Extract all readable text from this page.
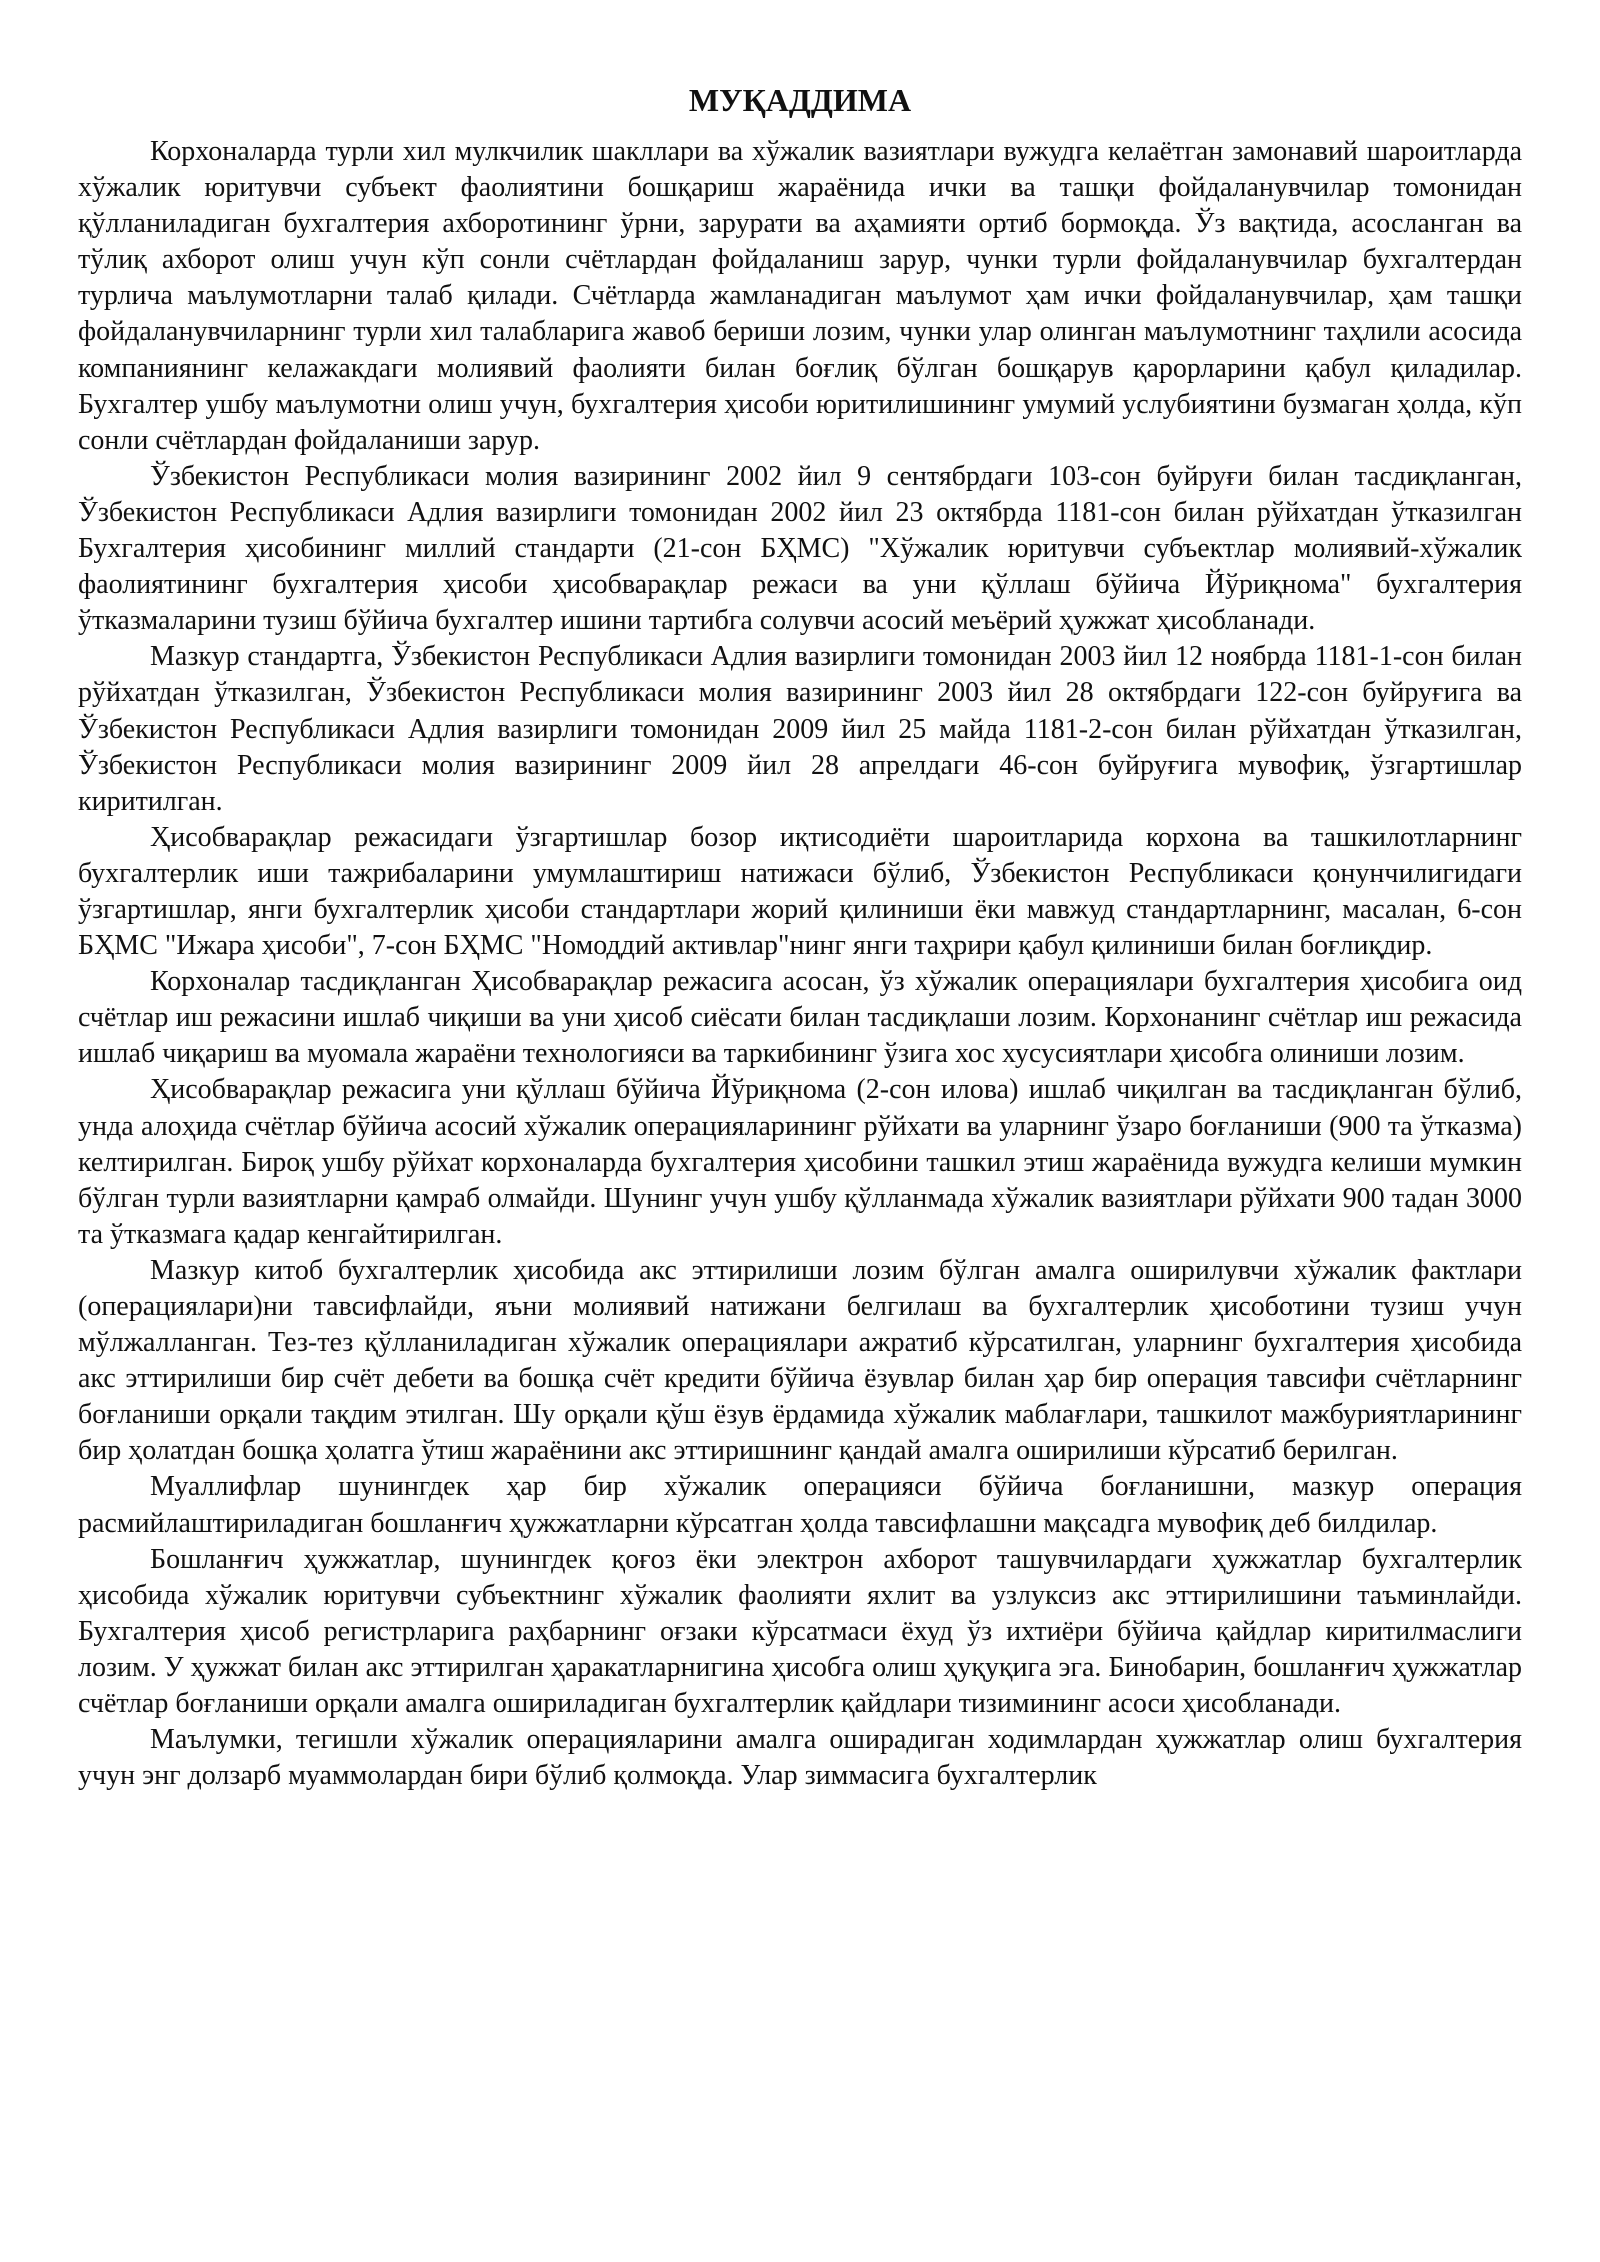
МУҚАДДИМА

Корхоналарда турли хил мулкчилик шакллари ва хўжалик вазиятлари вужудга келаётган замонавий шароитларда хўжалик юритувчи субъект фаолиятини бошқариш жараёнида ички ва ташқи фойдаланувчилар томонидан қўлланиладиган бухгалтерия ахборотининг ўрни, зарурати ва аҳамияти ортиб бормоқда. Ўз вақтида, асосланган ва тўлиқ ахборот олиш учун кўп сонли счётлардан фойдаланиш зарур, чунки турли фойдаланувчилар бухгалтердан турлича маълумотларни талаб қилади. Счётларда жамланадиган маълумот ҳам ички фойдаланувчилар, ҳам ташқи фойдаланувчиларнинг турли хил талабларига жавоб бериши лозим, чунки улар олинган маълумотнинг таҳлили асосида компаниянинг келажакдаги молиявий фаолияти билан боғлиқ бўлган бошқарув қарорларини қабул қиладилар. Бухгалтер ушбу маълумотни олиш учун, бухгалтерия ҳисоби юритилишининг умумий услубиятини бузмаган ҳолда, кўп сонли счётлардан фойдаланиши зарур.

Ўзбекистон Республикаси молия вазирининг 2002 йил 9 сентябрдаги 103-сон буйруғи билан тасдиқланган, Ўзбекистон Республикаси Адлия вазирлиги томонидан 2002 йил 23 октябрда 1181-сон билан рўйхатдан ўтказилган Бухгалтерия ҳисобининг миллий стандарти (21-сон БҲМС) "Хўжалик юритувчи субъектлар молиявий-хўжалик фаолиятининг бухгалтерия ҳисоби ҳисобварақлар режаси ва уни қўллаш бўйича Йўриқнома" бухгалтерия ўтказмаларини тузиш бўйича бухгалтер ишини тартибга солувчи асосий меъёрий ҳужжат ҳисобланади.

Мазкур стандартга, Ўзбекистон Республикаси Адлия вазирлиги томонидан 2003 йил 12 ноябрда 1181-1-сон билан рўйхатдан ўтказилган, Ўзбекистон Республикаси молия вазирининг 2003 йил 28 октябрдаги 122-сон буйруғига ва Ўзбекистон Республикаси Адлия вазирлиги томонидан 2009 йил 25 майда 1181-2-сон билан рўйхатдан ўтказилган, Ўзбекистон Республикаси молия вазирининг 2009 йил 28 апрелдаги 46-сон буйруғига мувофиқ, ўзгартишлар киритилган.

Ҳисобварақлар режасидаги ўзгартишлар бозор иқтисодиёти шароитларида корхона ва ташкилотларнинг бухгалтерлик иши тажрибаларини умумлаштириш натижаси бўлиб, Ўзбекистон Республикаси қонунчилигидаги ўзгартишлар, янги бухгалтерлик ҳисоби стандартлари жорий қилиниши ёки мавжуд стандартларнинг, масалан, 6-сон БҲМС "Ижара ҳисоби", 7-сон БҲМС "Номоддий активлар"нинг янги таҳрири қабул қилиниши билан боғлиқдир.

Корхоналар тасдиқланган Ҳисобварақлар режасига асосан, ўз хўжалик операциялари бухгалтерия ҳисобига оид счётлар иш режасини ишлаб чиқиши ва уни ҳисоб сиёсати билан тасдиқлаши лозим. Корхонанинг счётлар иш режасида ишлаб чиқариш ва муомала жараёни технологияси ва таркибининг ўзига хос хусусиятлари ҳисобга олиниши лозим.

Ҳисобварақлар режасига уни қўллаш бўйича Йўриқнома (2-сон илова) ишлаб чиқилган ва тасдиқланган бўлиб, унда алоҳида счётлар бўйича асосий хўжалик операцияларининг рўйхати ва уларнинг ўзаро боғланиши (900 та ўтказма) келтирилган. Бироқ ушбу рўйхат корхоналарда бухгалтерия ҳисобини ташкил этиш жараёнида вужудга келиши мумкин бўлган турли вазиятларни қамраб олмайди. Шунинг учун ушбу қўлланмада хўжалик вазиятлари рўйхати 900 тадан 3000 та ўтказмага қадар кенгайтирилган.

Мазкур китоб бухгалтерлик ҳисобида акс эттирилиши лозим бўлган амалга оширилувчи хўжалик фактлари (операциялари)ни тавсифлайди, яъни молиявий натижани белгилаш ва бухгалтерлик ҳисоботини тузиш учун мўлжалланган. Тез-тез қўлланиладиган хўжалик операциялари ажратиб кўрсатилган, уларнинг бухгалтерия ҳисобида акс эттирилиши бир счёт дебети ва бошқа счёт кредити бўйича ёзувлар билан ҳар бир операция тавсифи счётларнинг боғланиши орқали тақдим этилган. Шу орқали қўш ёзув ёрдамида хўжалик маблағлари, ташкилот мажбуриятларининг бир ҳолатдан бошқа ҳолатга ўтиш жараёнини акс эттиришнинг қандай амалга оширилиши кўрсатиб берилган.

Муаллифлар шунингдек ҳар бир хўжалик операцияси бўйича боғланишни, мазкур операция расмийлаштириладиган бошланғич ҳужжатларни кўрсатган ҳолда тавсифлашни мақсадга мувофиқ деб билдилар.

Бошланғич ҳужжатлар, шунингдек қоғоз ёки электрон ахборот ташувчилардаги ҳужжатлар бухгалтерлик ҳисобида хўжалик юритувчи субъектнинг хўжалик фаолияти яхлит ва узлуксиз акс эттирилишини таъминлайди. Бухгалтерия ҳисоб регистрларига раҳбарнинг оғзаки кўрсатмаси ёхуд ўз ихтиёри бўйича қайдлар киритилмаслиги лозим. У ҳужжат билан акс эттирилган ҳаракатларнигина ҳисобга олиш ҳуқуқига эга. Бинобарин, бошланғич ҳужжатлар счётлар боғланиши орқали амалга ошириладиган бухгалтерлик қайдлари тизимининг асоси ҳисобланади.

Маълумки, тегишли хўжалик операцияларини амалга оширадиган ходимлардан ҳужжатлар олиш бухгалтерия учун энг долзарб муаммолардан бири бўлиб қолмоқда. Улар зиммасига бухгалтерлик
